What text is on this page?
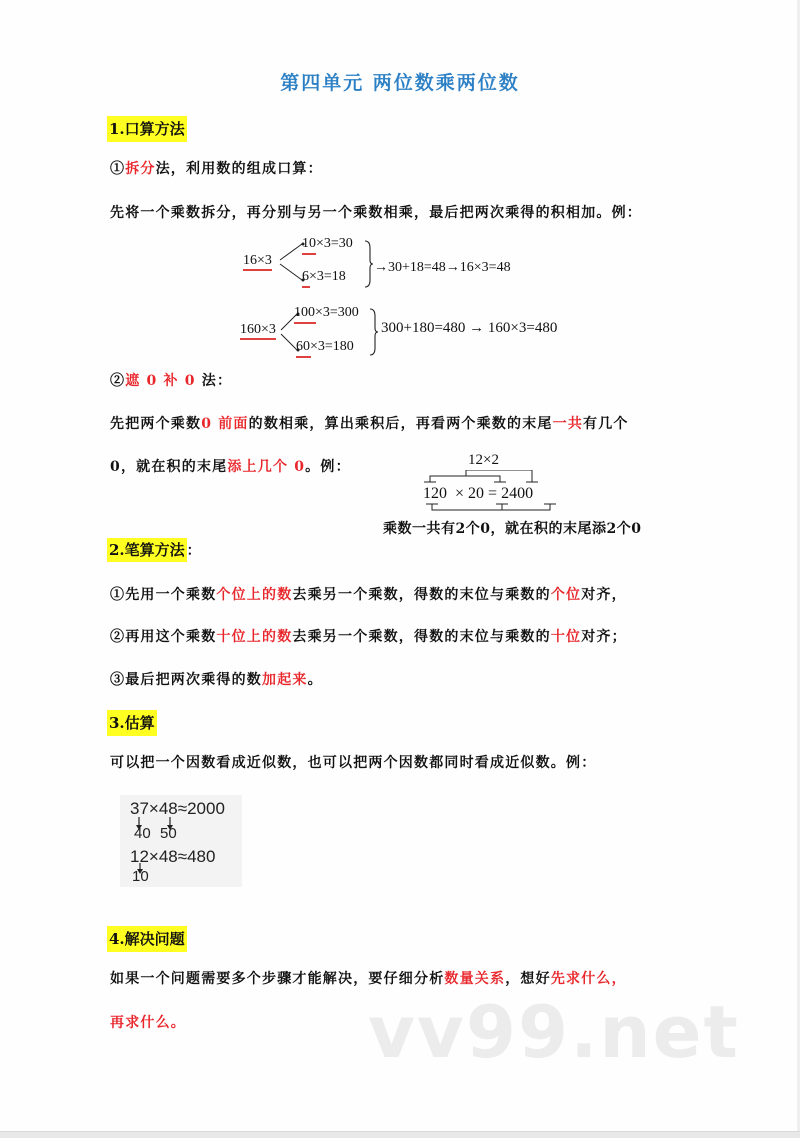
第四单元 两位数乘两位数
1.口算方法
①拆分法，利用数的组成口算：
先将一个乘数拆分，再分别与另一个乘数相乘，最后把两次乘得的积相加。例：
16×3
10×3=30
6×3=18
→30+18=48→16×3=48
160×3
100×3=300
60×3=180
300+180=480 → 160×3=480
②遮 0 补 0 法：
先把两个乘数0 前面的数相乘，算出乘积后，再看两个乘数的末尾一共有几个
0，就在积的末尾添上几个 0。例：	12×2
120 × 20 = 2400
乘数一共有2个0，就在积的末尾添2个0
2.笔算方法 ：
①先用一个乘数个位上的数去乘另一个乘数，得数的末位与乘数的个位对齐，
②再用这个乘数十位上的数去乘另一个乘数，得数的末位与乘数的十位对齐；
③最后把两次乘得的数加起来。
3.估算
可以把一个因数看成近似数，也可以把两个因数都同时看成近似数。例：
37×48≈2000
40 50
12×48≈480
10
4.解决问题
如果一个问题需要多个步骤才能解决，要仔细分析数量关系，想好先求什么，
再求什么。	vv99.net
